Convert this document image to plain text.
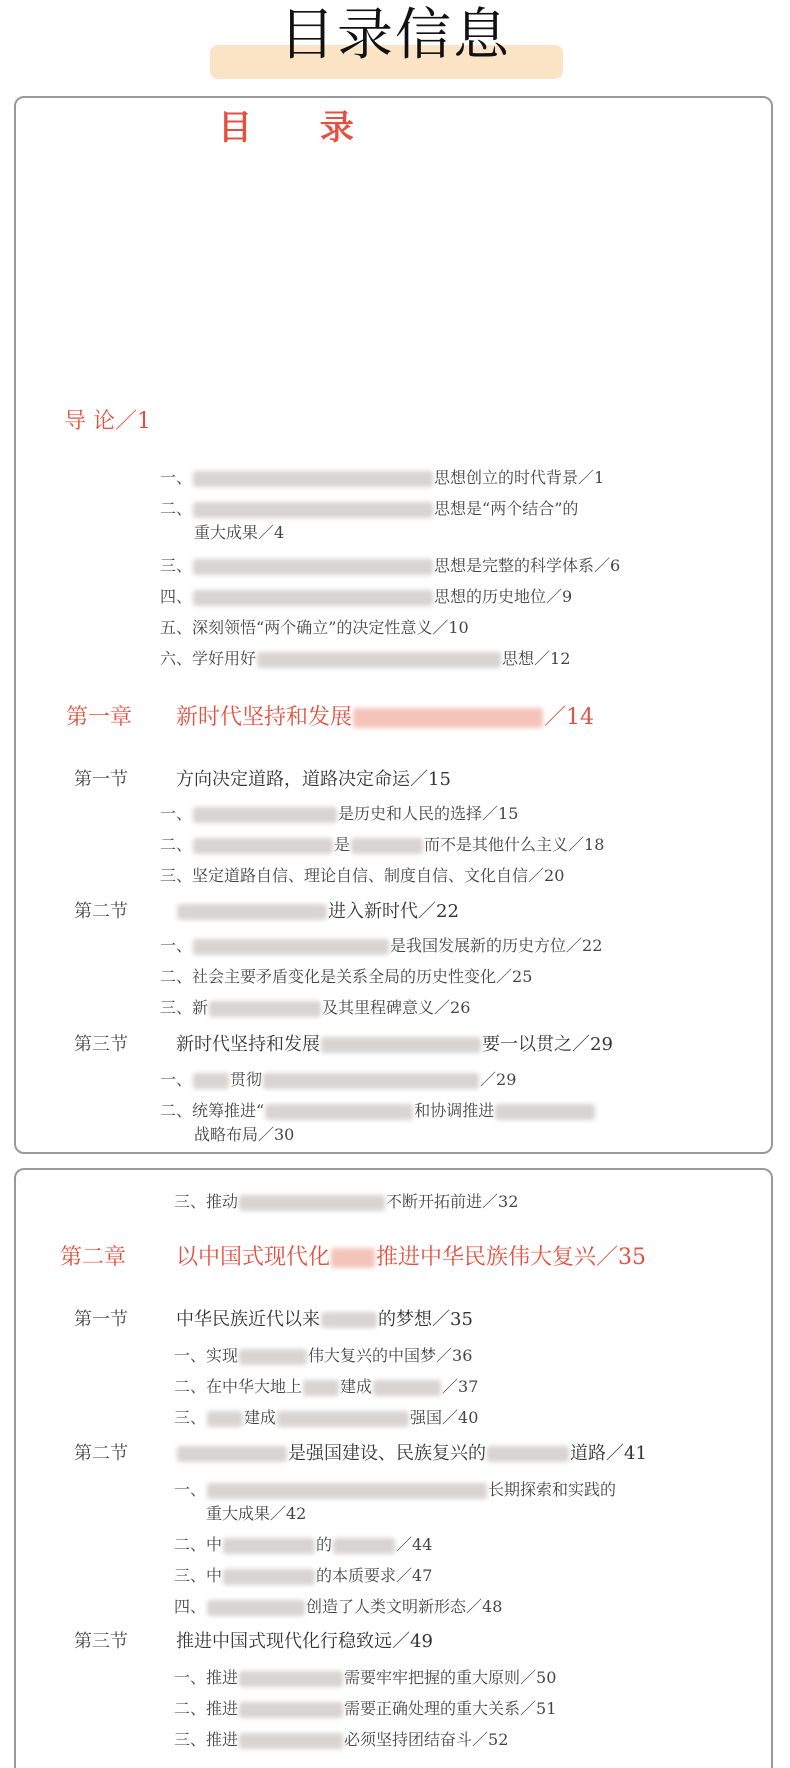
目录信息
目 录
导 论／1
一、	思想创立的时代背景／1
二、	思想是“两个结合”的
重大成果／4
三、	思想是完整的科学体系／6
四、	思想的历史地位／9
五、深刻领悟“两个确立”的决定性意义／10
六、学好用好	思想／12
第一章 新时代坚持和发展	／14
第一节	方向决定道路，道路决定命运／15
一、	是历史和人民的选择／15
二、	是	而不是其他什么主义／18
三、坚定道路自信、理论自信、制度自信、文化自信／20
第二节	进入新时代／22
一、	是我国发展新的历史方位／22
二、社会主要矛盾变化是关系全局的历史性变化／25
三、新	及其里程碑意义／26
第三节	新时代坚持和发展	要一以贯之／29
一、 贯彻	／29
二、统筹推进“	和协调推进
战略布局／30
三、推动	不断开拓前进／32
第二章 以中国式现代化 推进中华民族伟大复兴／35
第一节	中华民族近代以来	的梦想／35
一、实现	伟大复兴的中国梦／36
二、在中华大地上 建成	／37
三、 建成	强国／40
第二节	是强国建设、民族复兴的	道路／41
一、	长期探索和实践的
重大成果／42
二、中	的	／44
三、中	的本质要求／47
四、	创造了人类文明新形态／48
第三节	推进中国式现代化行稳致远／49
一、推进	需要牢牢把握的重大原则／50
二、推进	需要正确处理的重大关系／51
三、推进	必须坚持团结奋斗／52
